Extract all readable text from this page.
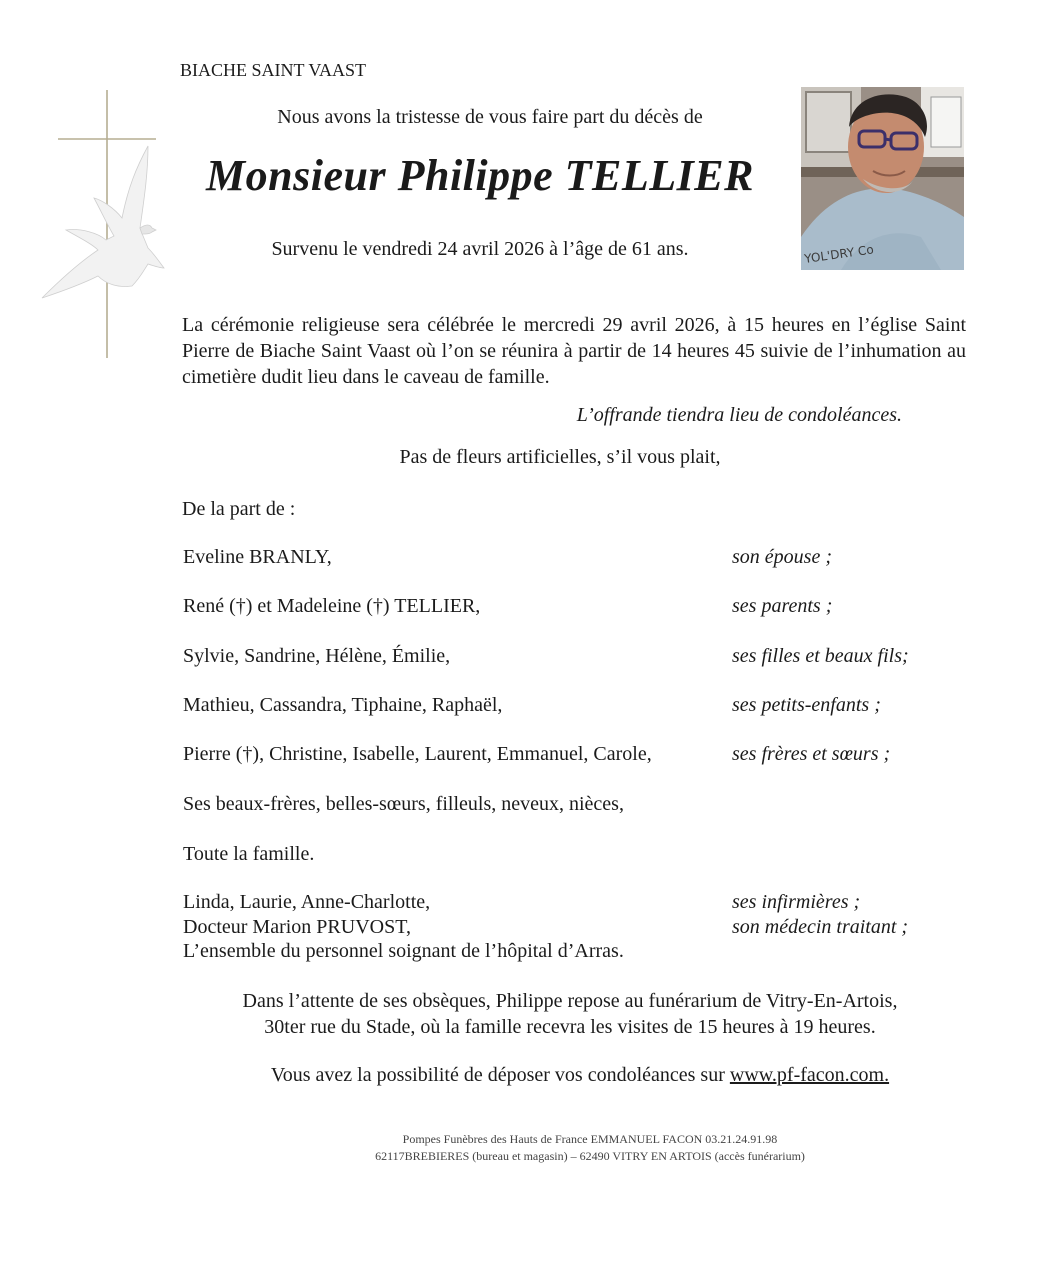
BIACHE SAINT VAAST
Nous avons la tristesse de vous faire part du décès de
Monsieur Philippe TELLIER
Survenu le vendredi 24 avril 2026 à l’âge de 61 ans.	YOL'DRY Co
La cérémonie religieuse sera célébrée le mercredi 29 avril 2026, à 15 heures en l’église Saint Pierre de Biache Saint Vaast où l’on se réunira à partir de 14 heures 45 suivie de l’inhumation au cimetière dudit lieu dans le caveau de famille.
L’offrande tiendra lieu de condoléances.
Pas de fleurs artificielles, s’il vous plait,
De la part de :
Eveline BRANLY,	son épouse ;
René (†) et Madeleine (†) TELLIER,	ses parents ;
Sylvie, Sandrine, Hélène, Émilie,	ses filles et beaux fils;
Mathieu, Cassandra, Tiphaine, Raphaël,	ses petits-enfants ;
Pierre (†), Christine, Isabelle, Laurent, Emmanuel, Carole,	ses frères et sœurs ;
Ses beaux-frères, belles-sœurs, filleuls, neveux, nièces,
Toute la famille.
Linda, Laurie, Anne-Charlotte,	ses infirmières ;
Docteur Marion PRUVOST,	son médecin traitant ;
L’ensemble du personnel soignant de l’hôpital d’Arras.
Dans l’attente de ses obsèques, Philippe repose au funérarium de Vitry-En-Artois,
30ter rue du Stade, où la famille recevra les visites de 15 heures à 19 heures.
Vous avez la possibilité de déposer vos condoléances sur www.pf-facon.com.
Pompes Funèbres des Hauts de France EMMANUEL FACON 03.21.24.91.98
62117BREBIERES (bureau et magasin) – 62490 VITRY EN ARTOIS (accès funérarium)
